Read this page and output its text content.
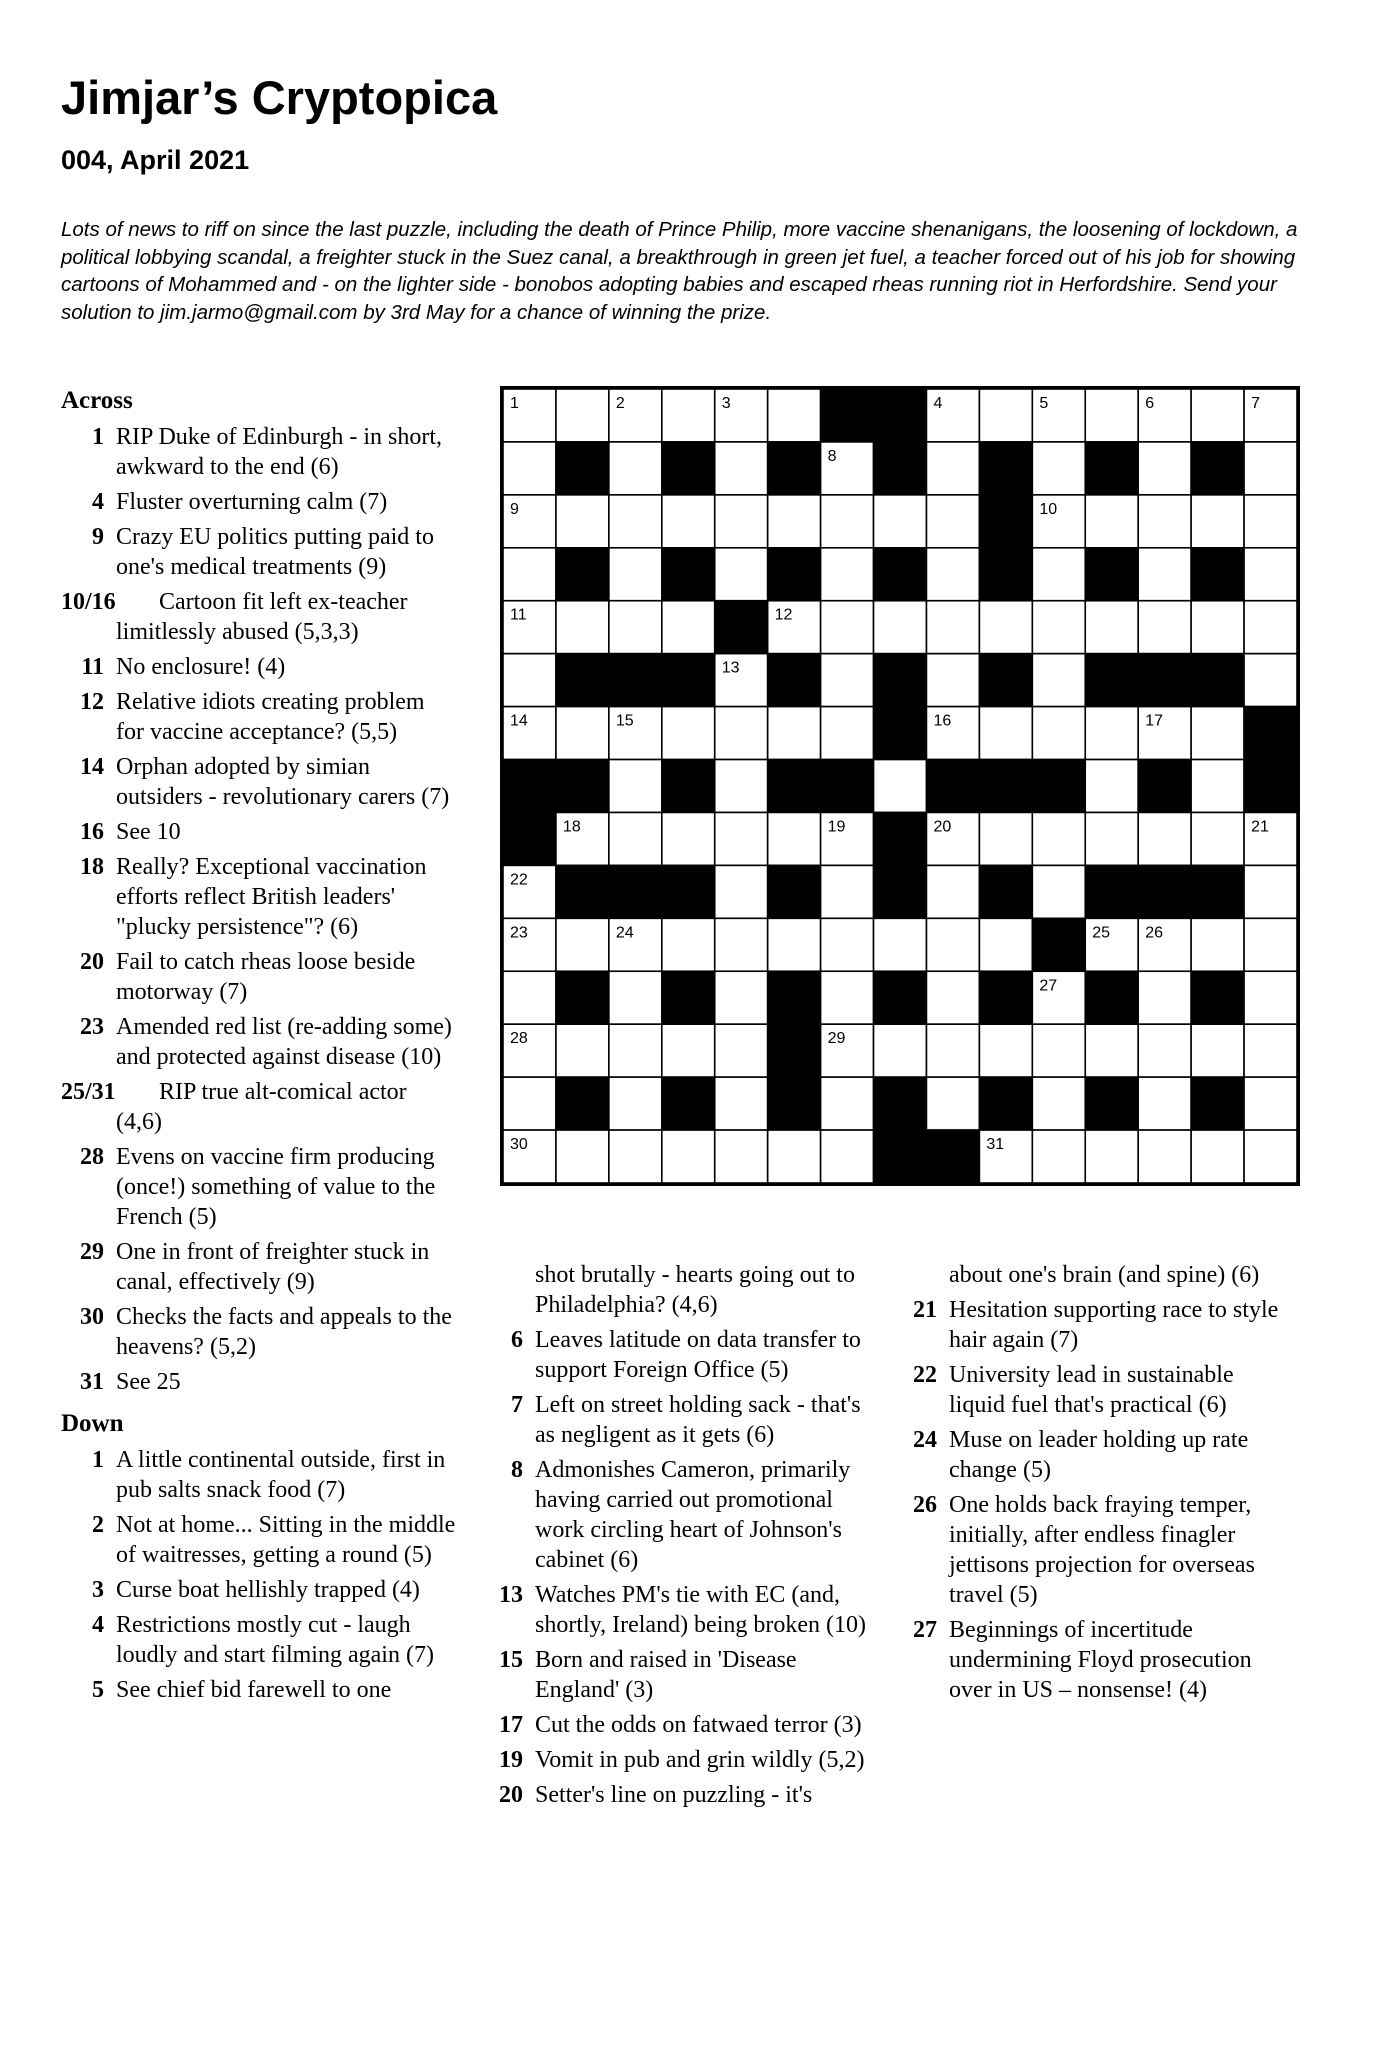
Jimjar’s Cryptopica
004, April 2021

Lots of news to riff on since the last puzzle, including the death of Prince Philip, more vaccine shenanigans, the loosening of lockdown, a political lobbying scandal, a freighter stuck in the Suez canal, a breakthrough in green jet fuel, a teacher forced out of his job for showing cartoons of Mohammed and - on the lighter side - bonobos adopting babies and escaped rheas running riot in Herfordshire. Send your solution to jim.jarmo@gmail.com by 3rd May for a chance of winning the prize.

Across
1 RIP Duke of Edinburgh - in short, awkward to the end (6)
4 Fluster overturning calm (7)
9 Crazy EU politics putting paid to one's medical treatments (9)
10/16	Cartoon fit left ex-teacher limitlessly abused (5,3,3)
11 No enclosure! (4)
12 Relative idiots creating problem for vaccine acceptance? (5,5)
14 Orphan adopted by simian outsiders - revolutionary carers (7)
16 See 10
18 Really? Exceptional vaccination efforts reflect British leaders' "plucky persistence"? (6)
20 Fail to catch rheas loose beside motorway (7)
23 Amended red list (re-adding some) and protected against disease (10)
25/31	RIP true alt-comical actor (4,6)
28 Evens on vaccine firm producing (once!) something of value to the French (5)
29 One in front of freighter stuck in canal, effectively (9)
30 Checks the facts and appeals to the heavens? (5,2)
31 See 25
Down
1 A little continental outside, first in pub salts snack food (7)
2 Not at home... Sitting in the middle of waitresses, getting a round (5)
3 Curse boat hellishly trapped (4)
4 Restrictions mostly cut - laugh loudly and start filming again (7)
5 See chief bid farewell to one
shot brutally - hearts going out to Philadelphia? (4,6)
6 Leaves latitude on data transfer to support Foreign Office (5)
7 Left on street holding sack - that's as negligent as it gets (6)
8 Admonishes Cameron, primarily having carried out promotional work circling heart of Johnson's cabinet (6)
13 Watches PM's tie with EC (and, shortly, Ireland) being broken (10)
15 Born and raised in 'Disease England' (3)
17 Cut the odds on fatwaed terror (3)
19 Vomit in pub and grin wildly (5,2)
20 Setter's line on puzzling - it's
about one's brain (and spine) (6)
21 Hesitation supporting race to style hair again (7)
22 University lead in sustainable liquid fuel that's practical (6)
24 Muse on leader holding up rate change (5)
26 One holds back fraying temper, initially, after endless finagler jettisons projection for overseas travel (5)
27 Beginnings of incertitude undermining Floyd prosecution over in US – nonsense! (4)
1	2	3	4	5	6	7
8
9	10
11	12
13
14	15	16	17
18	19	20	21
22
23	24	25 26
27
28	29
30	31
